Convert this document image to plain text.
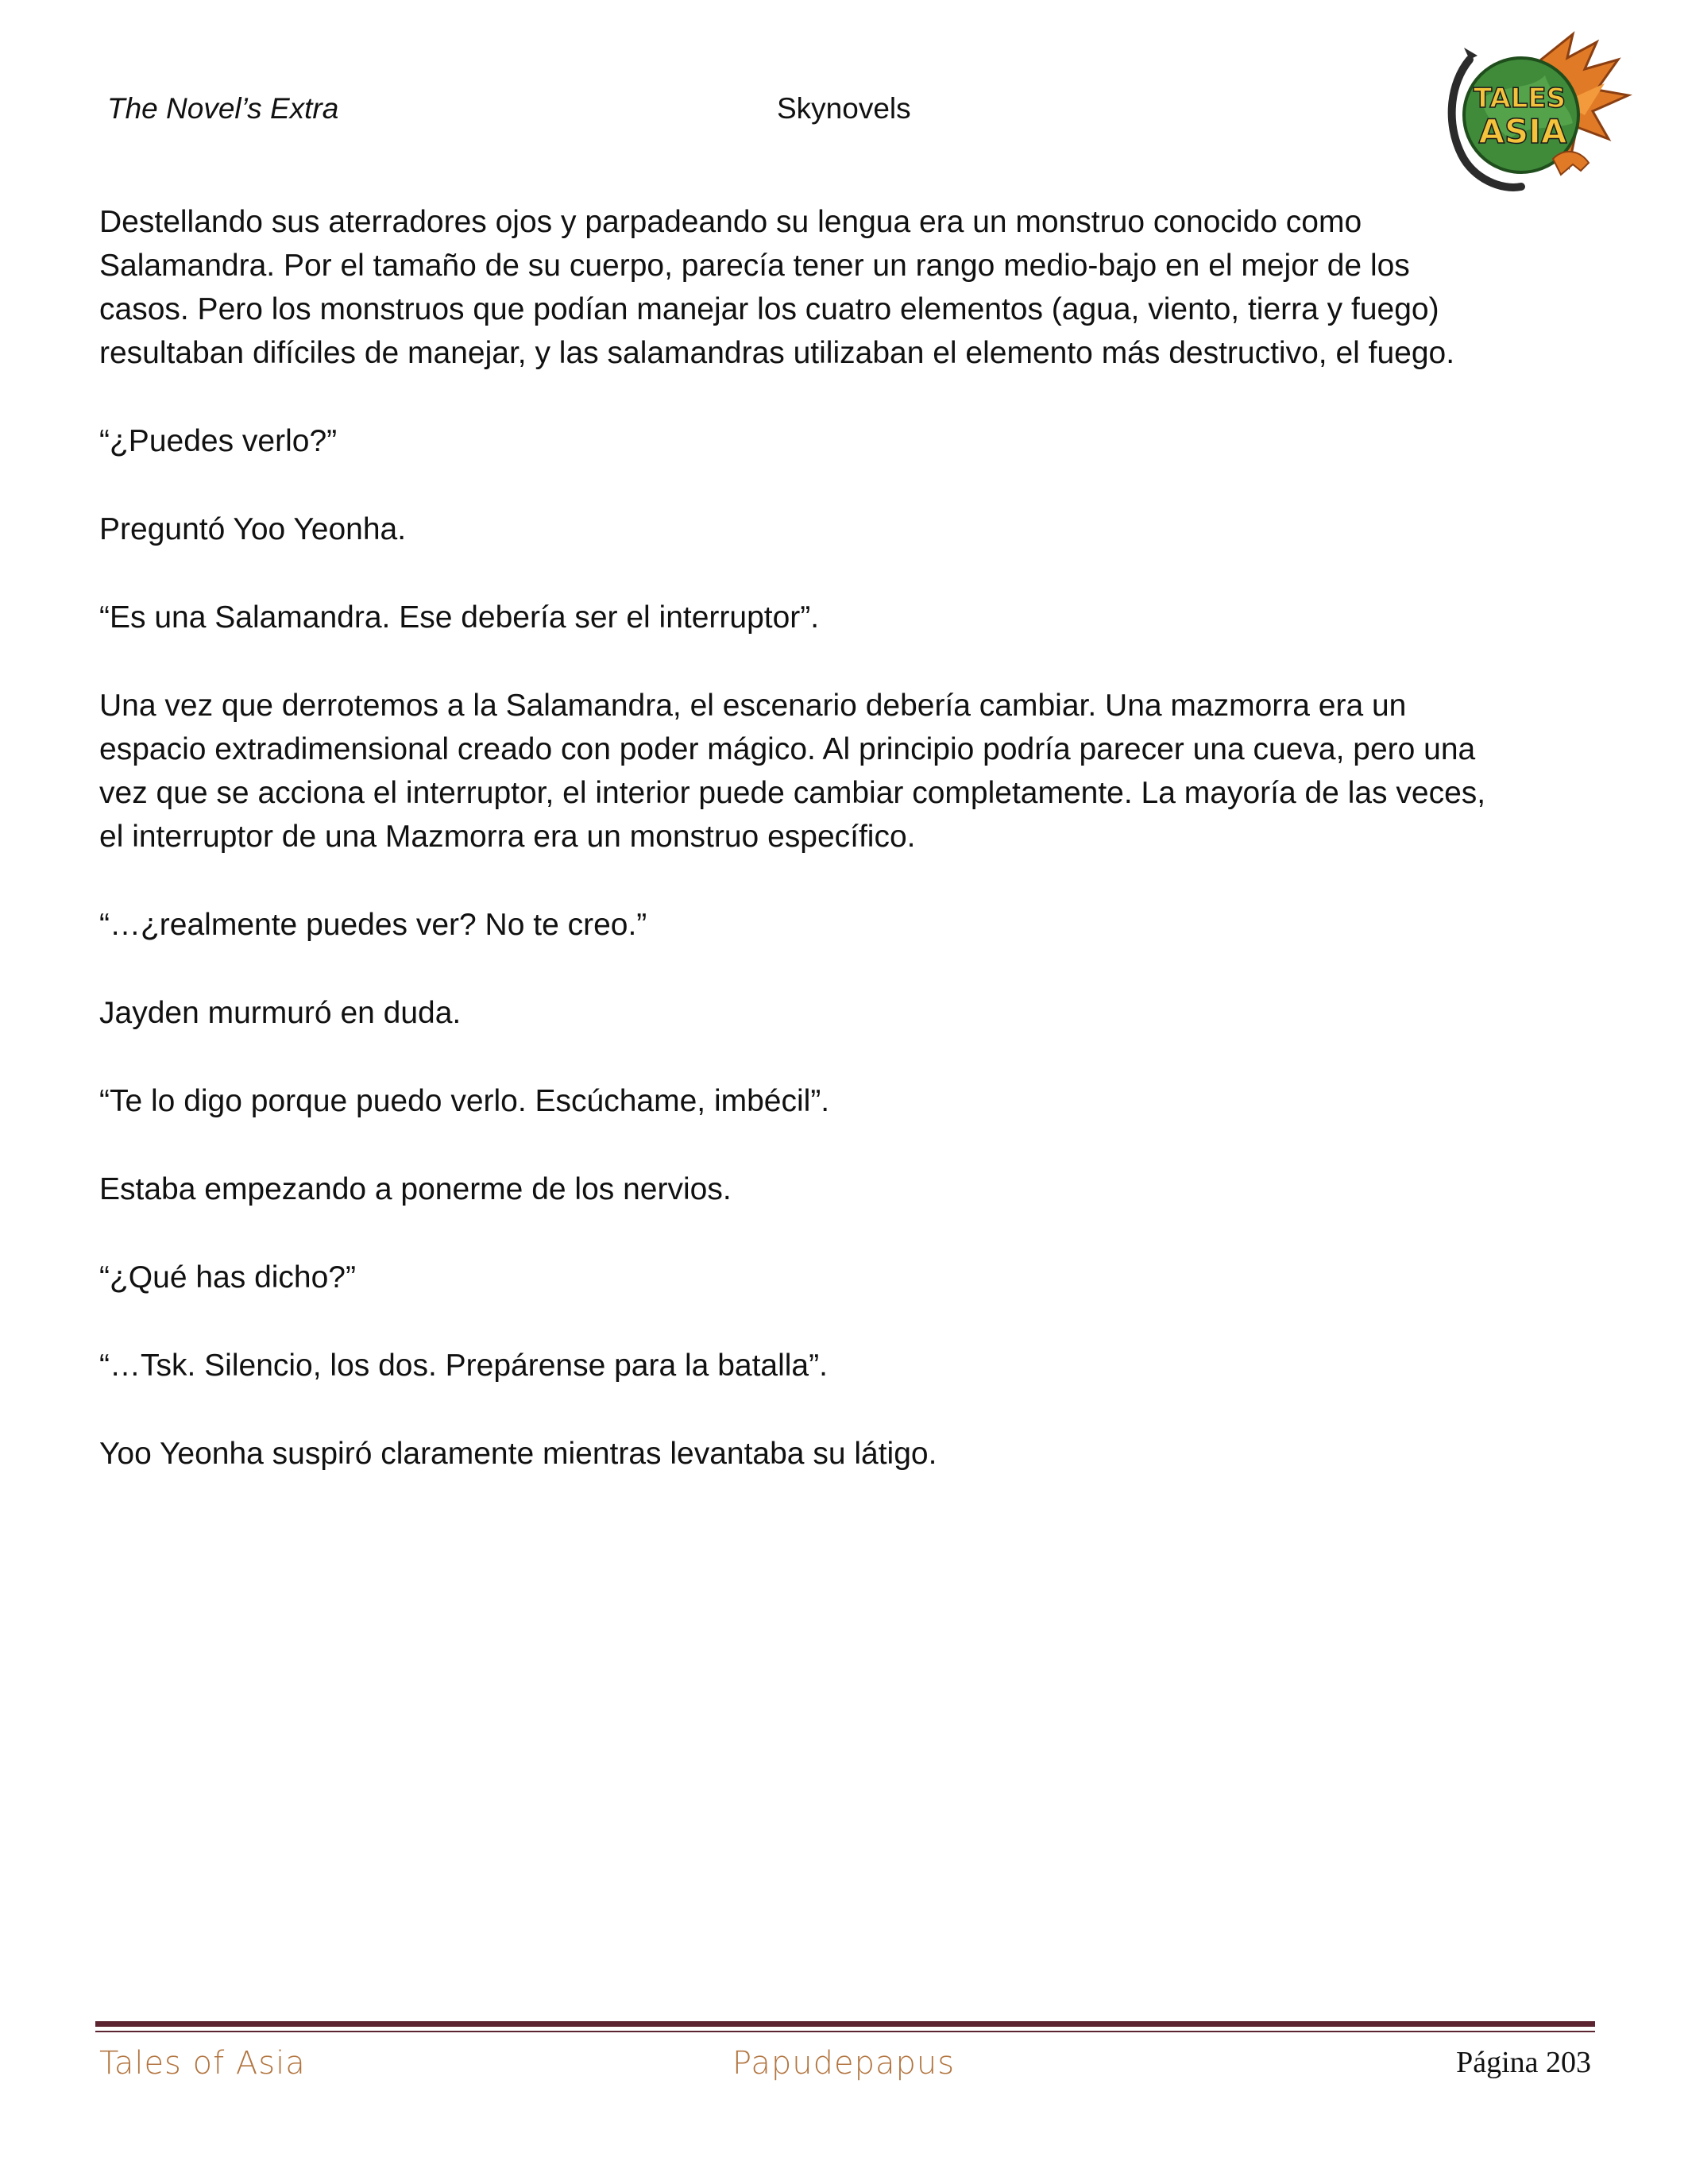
The Novel’s Extra	Skynovels	TALES
ASIA

Destellando sus aterradores ojos y parpadeando su lengua era un monstruo conocido como
Salamandra. Por el tamaño de su cuerpo, parecía tener un rango medio-bajo en el mejor de los
casos. Pero los monstruos que podían manejar los cuatro elementos (agua, viento, tierra y fuego)
resultaban difíciles de manejar, y las salamandras utilizaban el elemento más destructivo, el fuego.

“¿Puedes verlo?”

Preguntó Yoo Yeonha.

“Es una Salamandra. Ese debería ser el interruptor”.

Una vez que derrotemos a la Salamandra, el escenario debería cambiar. Una mazmorra era un
espacio extradimensional creado con poder mágico. Al principio podría parecer una cueva, pero una
vez que se acciona el interruptor, el interior puede cambiar completamente. La mayoría de las veces,
el interruptor de una Mazmorra era un monstruo específico.

“…¿realmente puedes ver? No te creo.”

Jayden murmuró en duda.

“Te lo digo porque puedo verlo. Escúchame, imbécil”.

Estaba empezando a ponerme de los nervios.

“¿Qué has dicho?”

“…Tsk. Silencio, los dos. Prepárense para la batalla”.

Yoo Yeonha suspiró claramente mientras levantaba su látigo.

Tales of Asia	Papudepapus	Página 203
